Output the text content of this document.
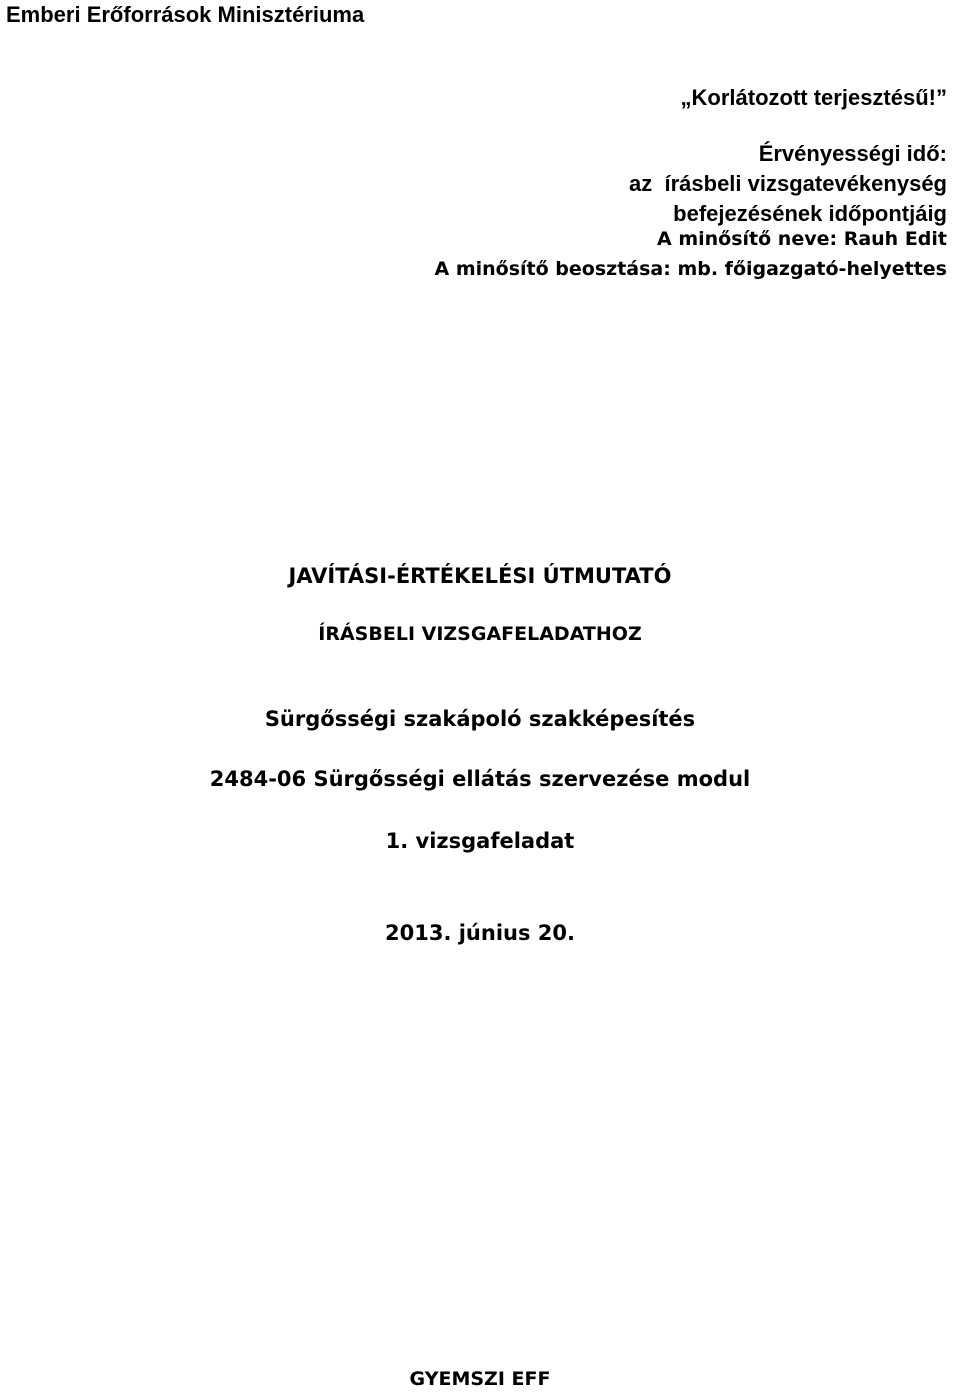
Emberi Erőforrások Minisztériuma
„Korlátozott terjesztésű!”
Érvényességi idő:
az  írásbeli vizsgatevékenység
befejezésének időpontjáig
A minősítő neve: Rauh Edit
A minősítő beosztása: mb. főigazgató-helyettes
JAVÍTÁSI-ÉRTÉKELÉSI ÚTMUTATÓ
ÍRÁSBELI VIZSGAFELADATHOZ
Sürgősségi szakápoló szakképesítés
2484-06 Sürgősségi ellátás szervezése modul
1. vizsgafeladat
2013. június 20.
GYEMSZI EFF
